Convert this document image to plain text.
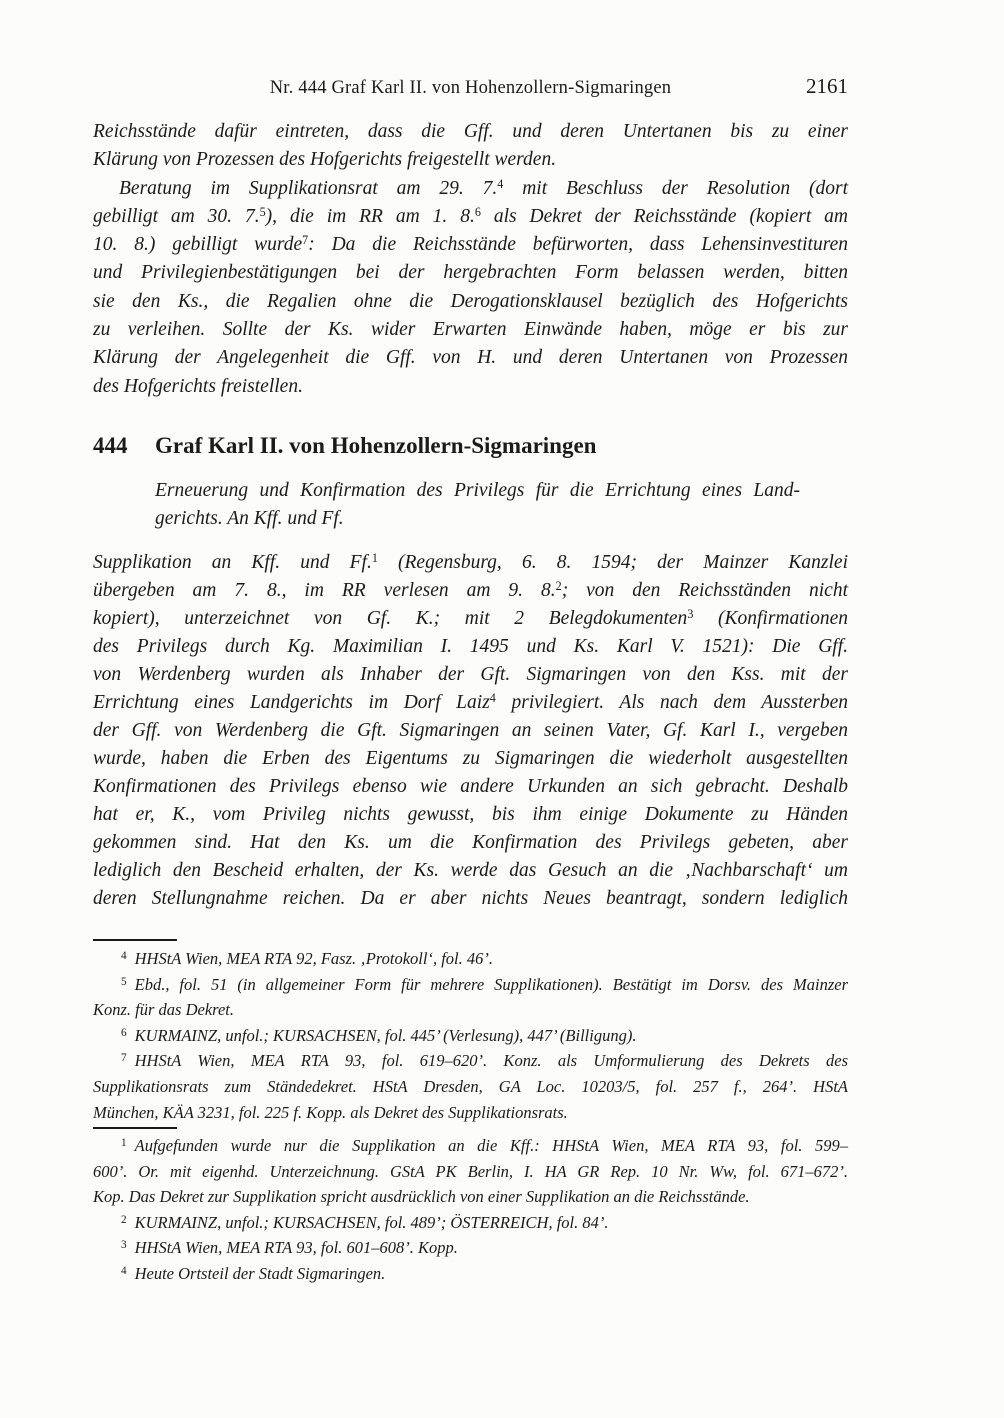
Nr. 444 Graf Karl II. von Hohenzollern-Sigmaringen	2161
Reichsstände dafür eintreten, dass die Gff. und deren Untertanen bis zu einer
Klärung von Prozessen des Hofgerichts freigestellt werden.
Beratung im Supplikationsrat am 29. 7.$^4$ mit Beschluss der Resolution (dort
gebilligt am 30. 7.$^5$), die im RR am 1. 8.$^6$ als Dekret der Reichsstände (kopiert am
10. 8.) gebilligt wurde$^7$: Da die Reichsstände befürworten, dass Lehensinvestituren
und Privilegienbestätigungen bei der hergebrachten Form belassen werden, bitten
sie den Ks., die Regalien ohne die Derogationsklausel bezüglich des Hofgerichts
zu verleihen. Sollte der Ks. wider Erwarten Einwände haben, möge er bis zur
Klärung der Angelegenheit die Gff. von H. und deren Untertanen von Prozessen
des Hofgerichts freistellen.
444	Graf Karl II. von Hohenzollern-Sigmaringen
Erneuerung und Konfirmation des Privilegs für die Errichtung eines Land-
gerichts. An Kff. und Ff.
Supplikation an Kff. und Ff.$^1$ (Regensburg, 6. 8. 1594; der Mainzer Kanzlei
übergeben am 7. 8., im RR verlesen am 9. 8.$^2$; von den Reichsständen nicht
kopiert), unterzeichnet von Gf. K.; mit 2 Belegdokumenten$^3$ (Konfirmationen
des Privilegs durch Kg. Maximilian I. 1495 und Ks. Karl V. 1521): Die Gff.
von Werdenberg wurden als Inhaber der Gft. Sigmaringen von den Kss. mit der
Errichtung eines Landgerichts im Dorf Laiz$^4$ privilegiert. Als nach dem Aussterben
der Gff. von Werdenberg die Gft. Sigmaringen an seinen Vater, Gf. Karl I., vergeben
wurde, haben die Erben des Eigentums zu Sigmaringen die wiederholt ausgestellten
Konfirmationen des Privilegs ebenso wie andere Urkunden an sich gebracht. Deshalb
hat er, K., vom Privileg nichts gewusst, bis ihm einige Dokumente zu Händen
gekommen sind. Hat den Ks. um die Konfirmation des Privilegs gebeten, aber
lediglich den Bescheid erhalten, der Ks. werde das Gesuch an die ‚Nachbarschaft‘ um
deren Stellungnahme reichen. Da er aber nichts Neues beantragt, sondern lediglich
$^4$ HHStA Wien, MEA RTA 92, Fasz. ‚Protokoll‘, fol. 46’.
$^5$ Ebd., fol. 51 (in allgemeiner Form für mehrere Supplikationen). Bestätigt im Dorsv. des Mainzer
Konz. für das Dekret.
$^6$ KURMAINZ, unfol.; KURSACHSEN, fol. 445’ (Verlesung), 447’ (Billigung).
$^7$ HHStA Wien, MEA RTA 93, fol. 619–620’. Konz. als Umformulierung des Dekrets des
Supplikationsrats zum Ständedekret. HStA Dresden, GA Loc. 10203/5, fol. 257 f., 264’. HStA
München, KÄA 3231, fol. 225 f. Kopp. als Dekret des Supplikationsrats.
$^1$ Aufgefunden wurde nur die Supplikation an die Kff.: HHStA Wien, MEA RTA 93, fol. 599–
600’. Or. mit eigenhd. Unterzeichnung. GStA PK Berlin, I. HA GR Rep. 10 Nr. Ww, fol. 671–672’.
Kop. Das Dekret zur Supplikation spricht ausdrücklich von einer Supplikation an die Reichsstände.
$^2$ KURMAINZ, unfol.; KURSACHSEN, fol. 489’; ÖSTERREICH, fol. 84’.
$^3$ HHStA Wien, MEA RTA 93, fol. 601–608’. Kopp.
$^4$ Heute Ortsteil der Stadt Sigmaringen.
